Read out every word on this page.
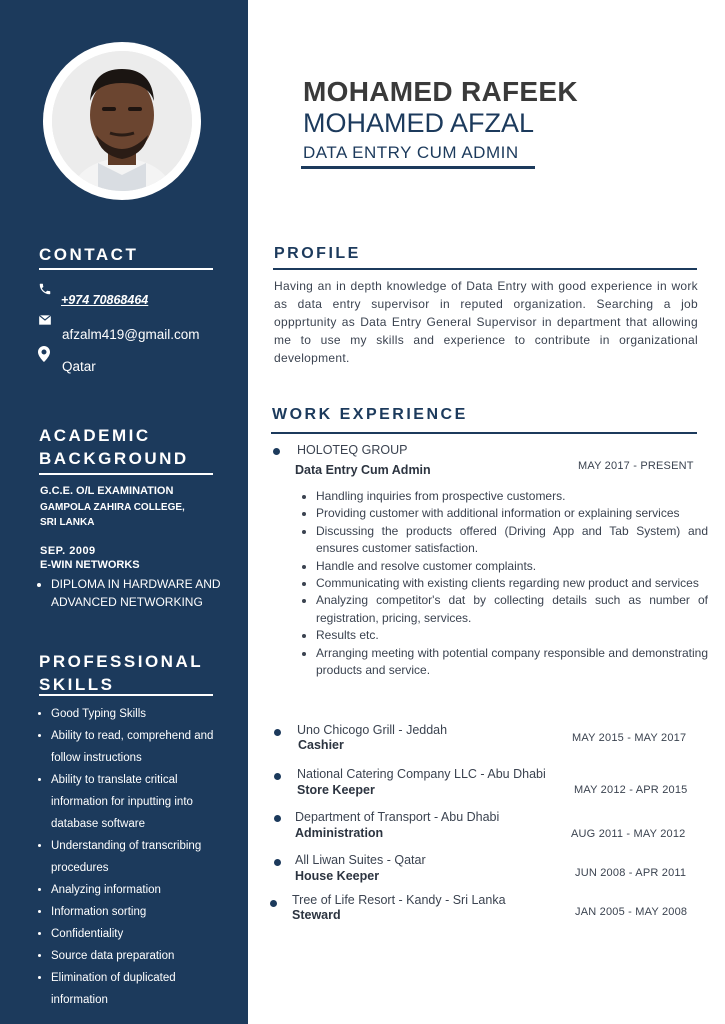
CONTACT
+974 70868464
afzalm419@gmail.com
Qatar
ACADEMIC
BACKGROUND
G.C.E. O/L EXAMINATION
GAMPOLA ZAHIRA COLLEGE,
SRI LANKA
SEP. 2009
E-WIN NETWORKS
• DIPLOMA IN HARDWARE AND ADVANCED NETWORKING
PROFESSIONAL
SKILLS
• Good Typing Skills
• Ability to read, comprehend and follow instructions
• Ability to translate critical information for inputting into database software
• Understanding of transcribing procedures
• Analyzing information
• Information sorting
• Confidentiality
• Source data preparation
• Elimination of duplicated information
MOHAMED RAFEEK
MOHAMED AFZAL
DATA ENTRY CUM ADMIN
PROFILE
Having an in depth knowledge of Data Entry with good experience in work as data entry supervisor in reputed organization. Searching a job oppprtunity as Data Entry General Supervisor in department that allowing me to use my skills and experience to contribute in organizational development.
WORK EXPERIENCE
HOLOTEQ GROUP
Data Entry Cum Admin	MAY 2017 - PRESENT
• Handling inquiries from prospective customers.
• Providing customer with additional information or explaining services
• Discussing the products offered (Driving App and Tab System) and ensures customer satisfaction.
• Handle and resolve customer complaints.
• Communicating with existing clients regarding new product and services
• Analyzing competitor's dat by collecting details such as number of registration, pricing, services.
• Results etc.
• Arranging meeting with potential company responsible and demonstrating products and service.
Uno Chicogo Grill - Jeddah
Cashier	MAY 2015 - MAY 2017
National Catering Company LLC - Abu Dhabi
Store Keeper	MAY 2012 - APR 2015
Department of Transport - Abu Dhabi
Administration	AUG 2011 - MAY 2012
All Liwan Suites - Qatar
House Keeper	JUN 2008 - APR 2011
Tree of Life Resort - Kandy - Sri Lanka
Steward	JAN 2005 - MAY 2008
